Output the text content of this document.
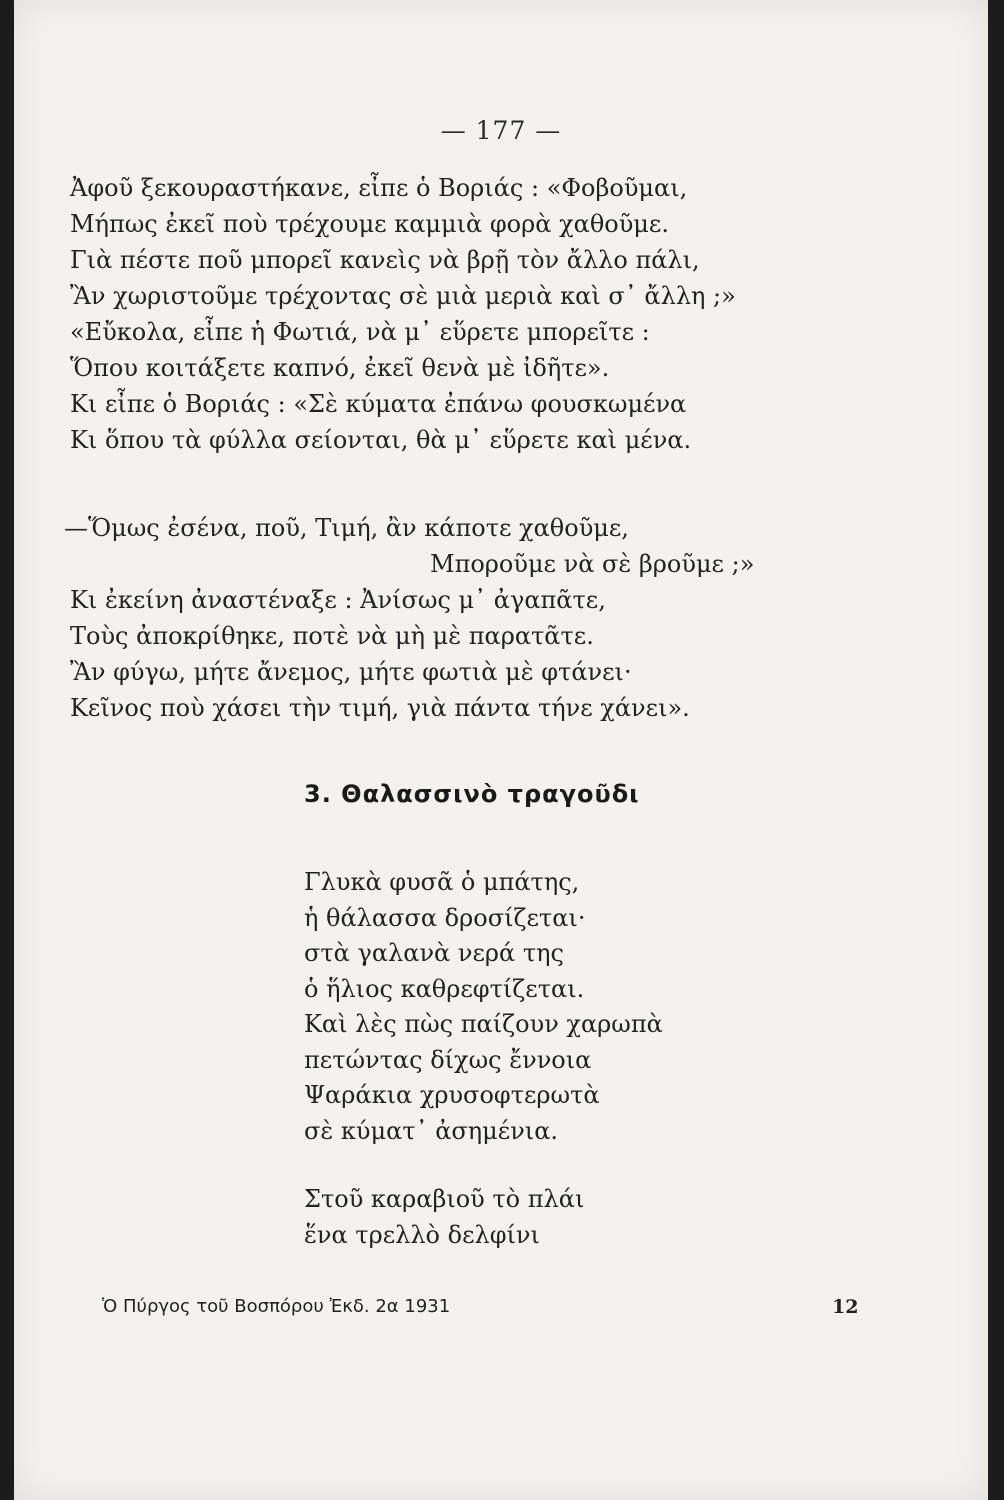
— 177 —
Ἀφοῦ ξεκουραστήκανε, εἶπε ὁ Βοριάς : «Φοβοῦμαι,
Μήπως ἐκεῖ ποὺ τρέχουμε καμμιὰ φορὰ χαθοῦμε.
Γιὰ πέστε ποῦ μπορεῖ κανεὶς νὰ βρῇ τὸν ἄλλο πάλι,
Ἂν χωριστοῦμε τρέχοντας σὲ μιὰ μεριὰ καὶ σ᾽ ἄλλη ;»
«Εὔκολα, εἶπε ἡ Φωτιά, νὰ μ᾽ εὕρετε μπορεῖτε :
Ὅπου κοιτάξετε καπνό, ἐκεῖ θενὰ μὲ ἰδῆτε».
Κι εἶπε ὁ Βοριάς : «Σὲ κύματα ἐπάνω φουσκωμένα
Κι ὅπου τὰ φύλλα σείονται, θὰ μ᾽ εὕρετε καὶ μένα.
—Ὅμως ἐσένα, ποῦ, Τιμή, ἂν κάποτε χαθοῦμε,
Μποροῦμε νὰ σὲ βροῦμε ;»
Κι ἐκείνη ἀναστέναξε : Ἀνίσως μ᾽ ἀγαπᾶτε,
Τοὺς ἀποκρίθηκε, ποτὲ νὰ μὴ μὲ παρατᾶτε.
Ἂν φύγω, μήτε ἄνεμος, μήτε φωτιὰ μὲ φτάνει·
Κεῖνος ποὺ χάσει τὴν τιμή, γιὰ πάντα τήνε χάνει».
3. Θαλασσινὸ τραγοῦδι
Γλυκὰ φυσᾶ ὁ μπάτης,
ἡ θάλασσα δροσίζεται·
στὰ γαλανὰ νερά της
ὁ ἥλιος καθρεφτίζεται.
Καὶ λὲς πὼς παίζουν χαρωπὰ
πετώντας δίχως ἔννοια
Ψαράκια χρυσοφτερωτὰ
σὲ κύματ᾽ ἀσημένια.
Στοῦ καραβιοῦ τὸ πλάι
ἕνα τρελλὸ δελφίνι
Ὁ Πύργος τοῦ Βοσπόρου Ἐκδ. 2α 1931	12
